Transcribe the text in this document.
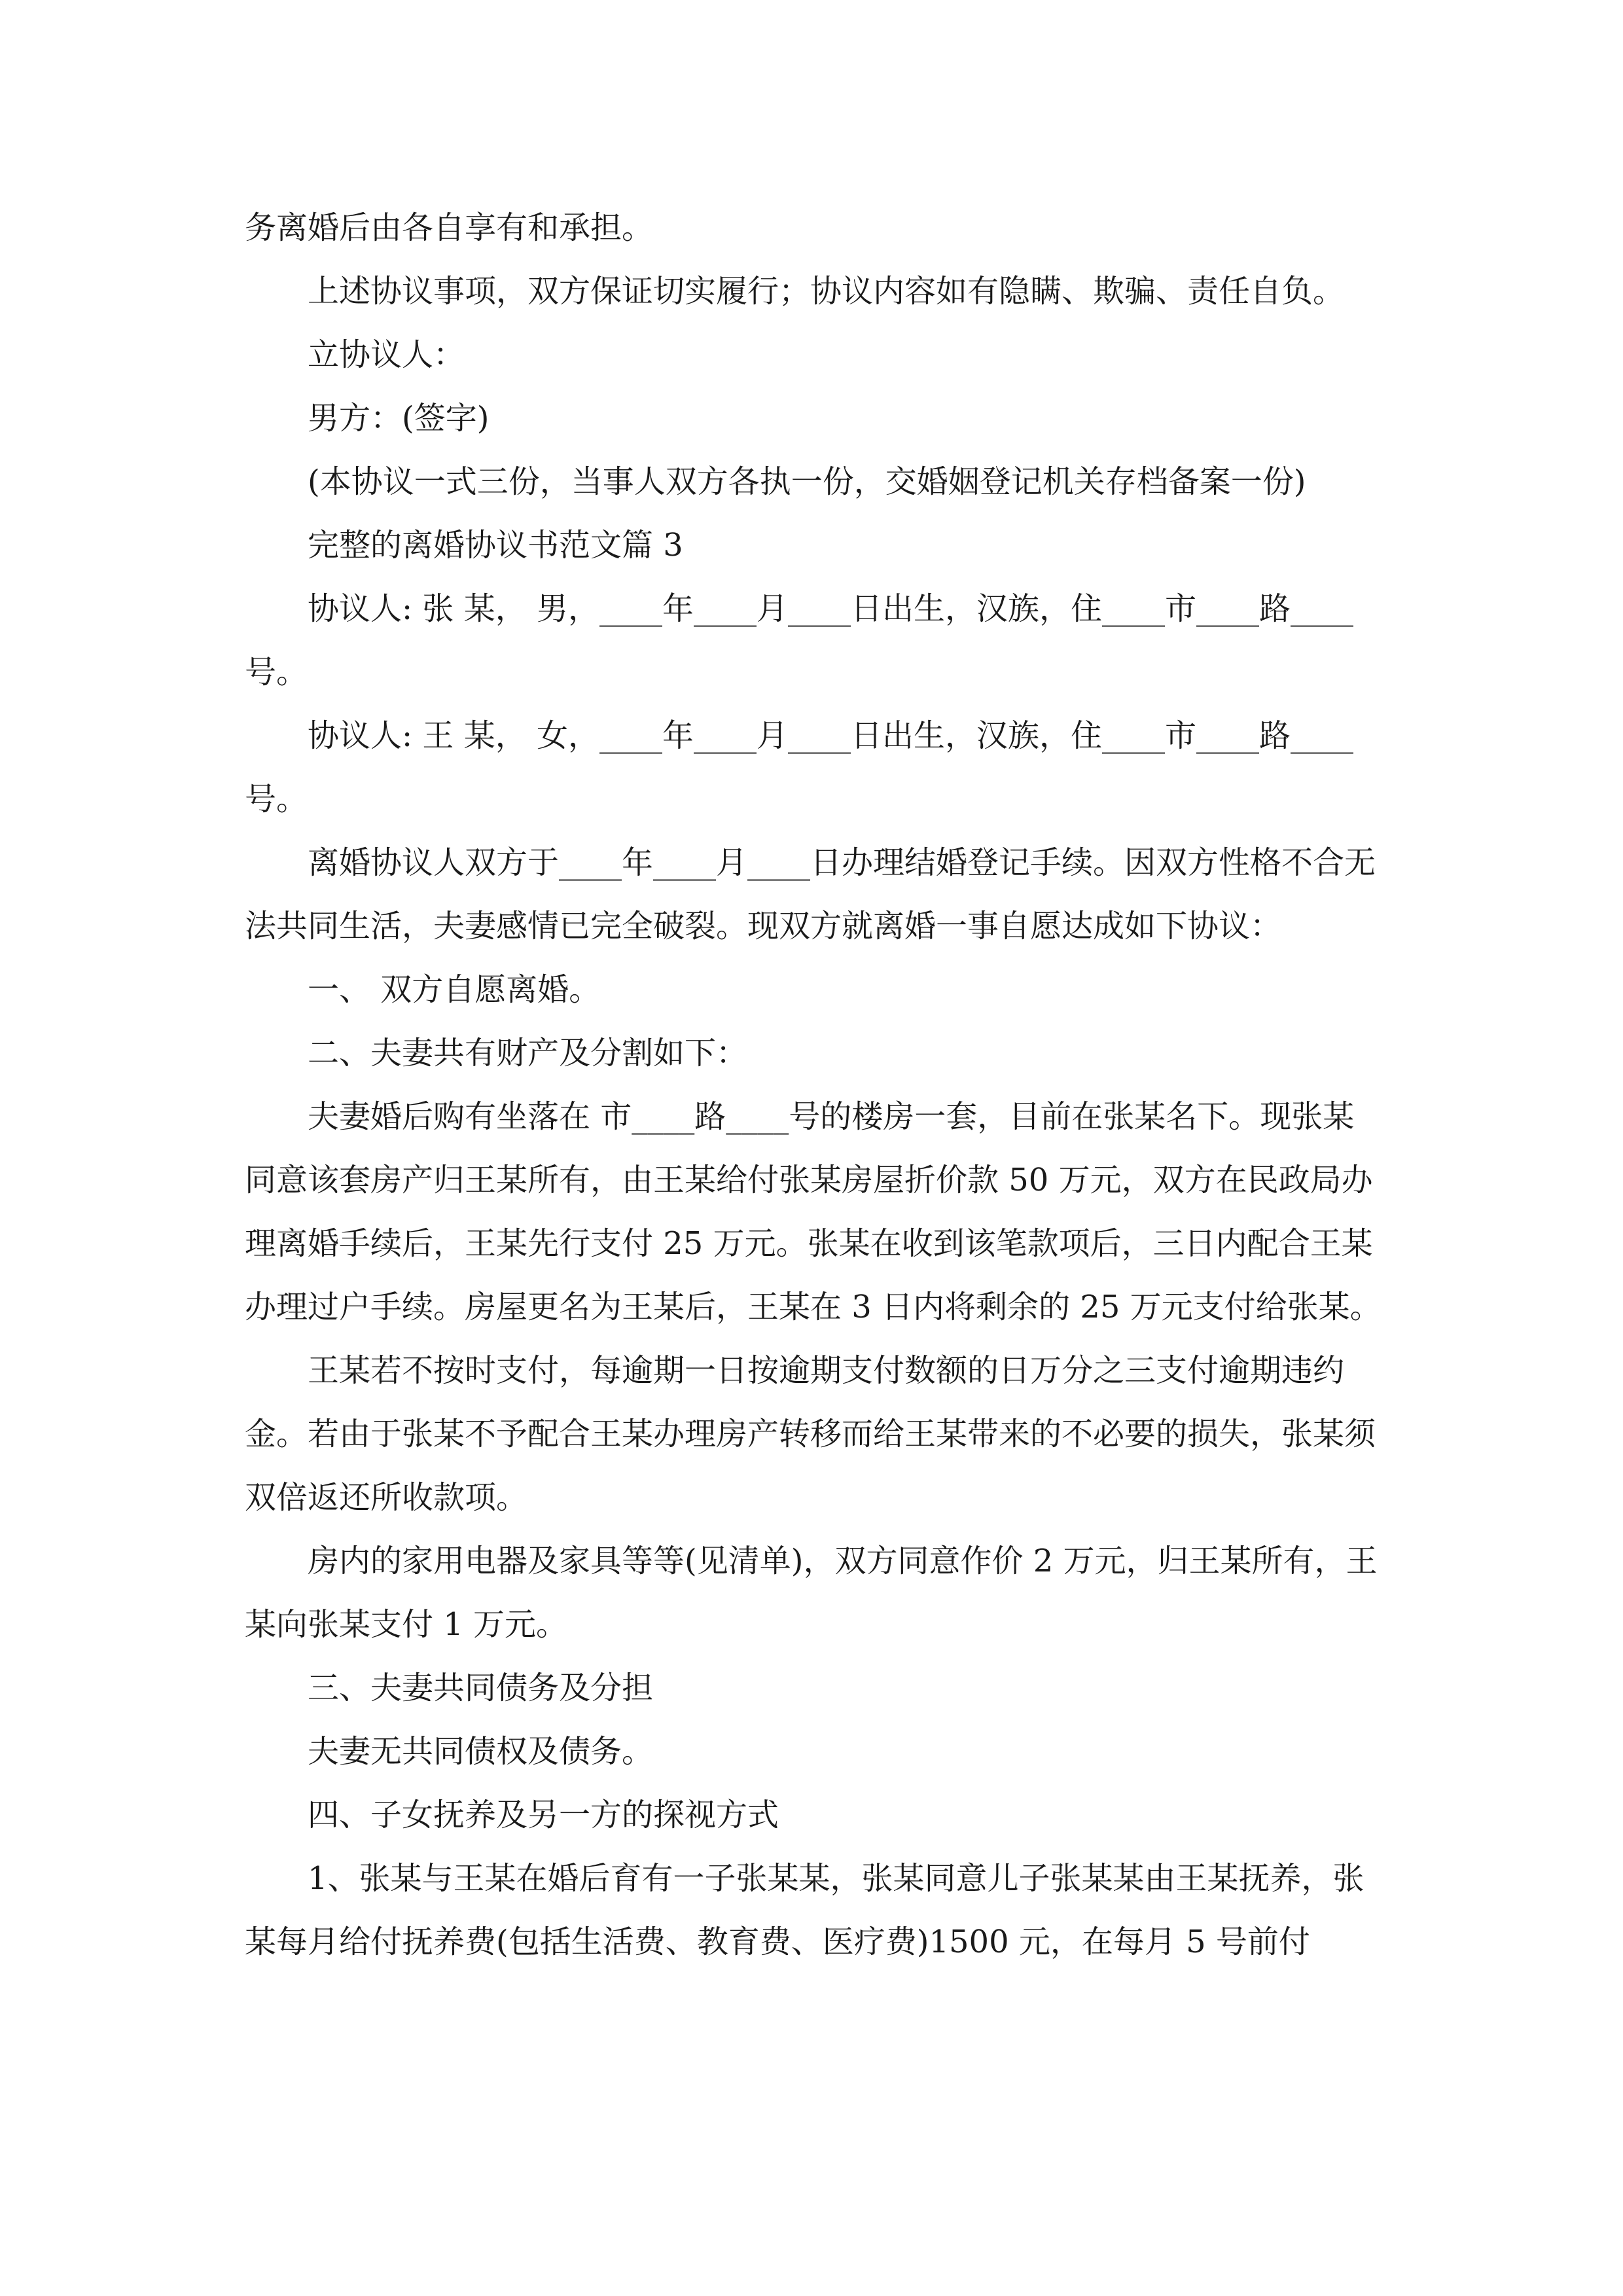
务离婚后由各自享有和承担。

上述协议事项，双方保证切实履行；协议内容如有隐瞒、欺骗、责任自负。

立协议人：

男方：(签字)

(本协议一式三份，当事人双方各执一份，交婚姻登记机关存档备案一份)

完整的离婚协议书范文篇 3

协议人: 张 某， 男，____年____月____日出生，汉族，住____市____路____号。

协议人: 王 某， 女，____年____月____日出生，汉族，住____市____路____号。

离婚协议人双方于____年____月____日办理结婚登记手续。因双方性格不合无法共同生活，夫妻感情已完全破裂。现双方就离婚一事自愿达成如下协议：

一、 双方自愿离婚。

二、夫妻共有财产及分割如下：

夫妻婚后购有坐落在 市____路____号的楼房一套，目前在张某名下。现张某同意该套房产归王某所有，由王某给付张某房屋折价款 50 万元，双方在民政局办理离婚手续后，王某先行支付 25 万元。张某在收到该笔款项后，三日内配合王某办理过户手续。房屋更名为王某后，王某在 3 日内将剩余的 25 万元支付给张某。

王某若不按时支付，每逾期一日按逾期支付数额的日万分之三支付逾期违约金。若由于张某不予配合王某办理房产转移而给王某带来的不必要的损失，张某须双倍返还所收款项。

房内的家用电器及家具等等(见清单)，双方同意作价 2 万元，归王某所有，王某向张某支付 1 万元。

三、夫妻共同债务及分担

夫妻无共同债权及债务。

四、子女抚养及另一方的探视方式

1、张某与王某在婚后育有一子张某某，张某同意儿子张某某由王某抚养，张某每月给付抚养费(包括生活费、教育费、医疗费)1500 元，在每月 5 号前付
